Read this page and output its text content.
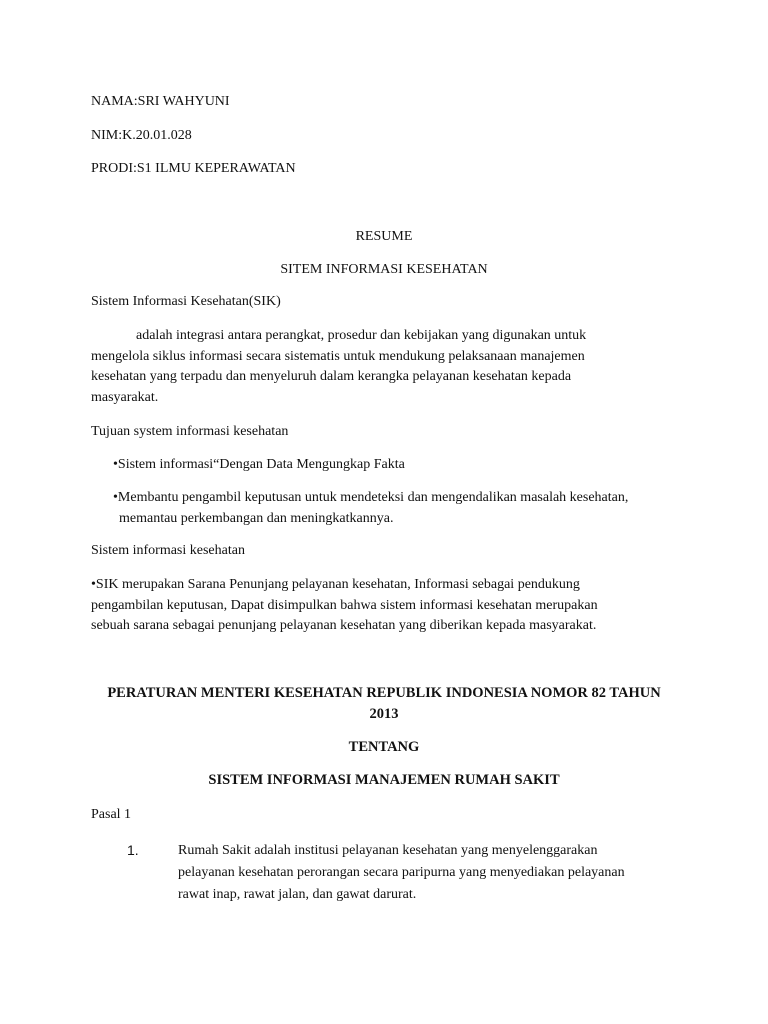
NAMA:SRI WAHYUNI
NIM:K.20.01.028
PRODI:S1 ILMU KEPERAWATAN
RESUME
SITEM INFORMASI KESEHATAN
Sistem Informasi Kesehatan(SIK)
adalah integrasi antara perangkat, prosedur dan kebijakan yang digunakan untuk
mengelola siklus informasi secara sistematis untuk mendukung pelaksanaan manajemen
kesehatan yang terpadu dan menyeluruh dalam kerangka pelayanan kesehatan kepada
masyarakat.
Tujuan system informasi kesehatan
•Sistem informasi“Dengan Data Mengungkap Fakta
•Membantu pengambil keputusan untuk mendeteksi dan mengendalikan masalah kesehatan,
memantau perkembangan dan meningkatkannya.
Sistem informasi kesehatan
•SIK merupakan Sarana Penunjang pelayanan kesehatan, Informasi sebagai pendukung
pengambilan keputusan, Dapat disimpulkan bahwa sistem informasi kesehatan merupakan
sebuah sarana sebagai penunjang pelayanan kesehatan yang diberikan kepada masyarakat.
PERATURAN MENTERI KESEHATAN REPUBLIK INDONESIA NOMOR 82 TAHUN
2013
TENTANG
SISTEM INFORMASI MANAJEMEN RUMAH SAKIT
Pasal 1
1.	Rumah Sakit adalah institusi pelayanan kesehatan yang menyelenggarakan
pelayanan kesehatan perorangan secara paripurna yang menyediakan pelayanan
rawat inap, rawat jalan, dan gawat darurat.
